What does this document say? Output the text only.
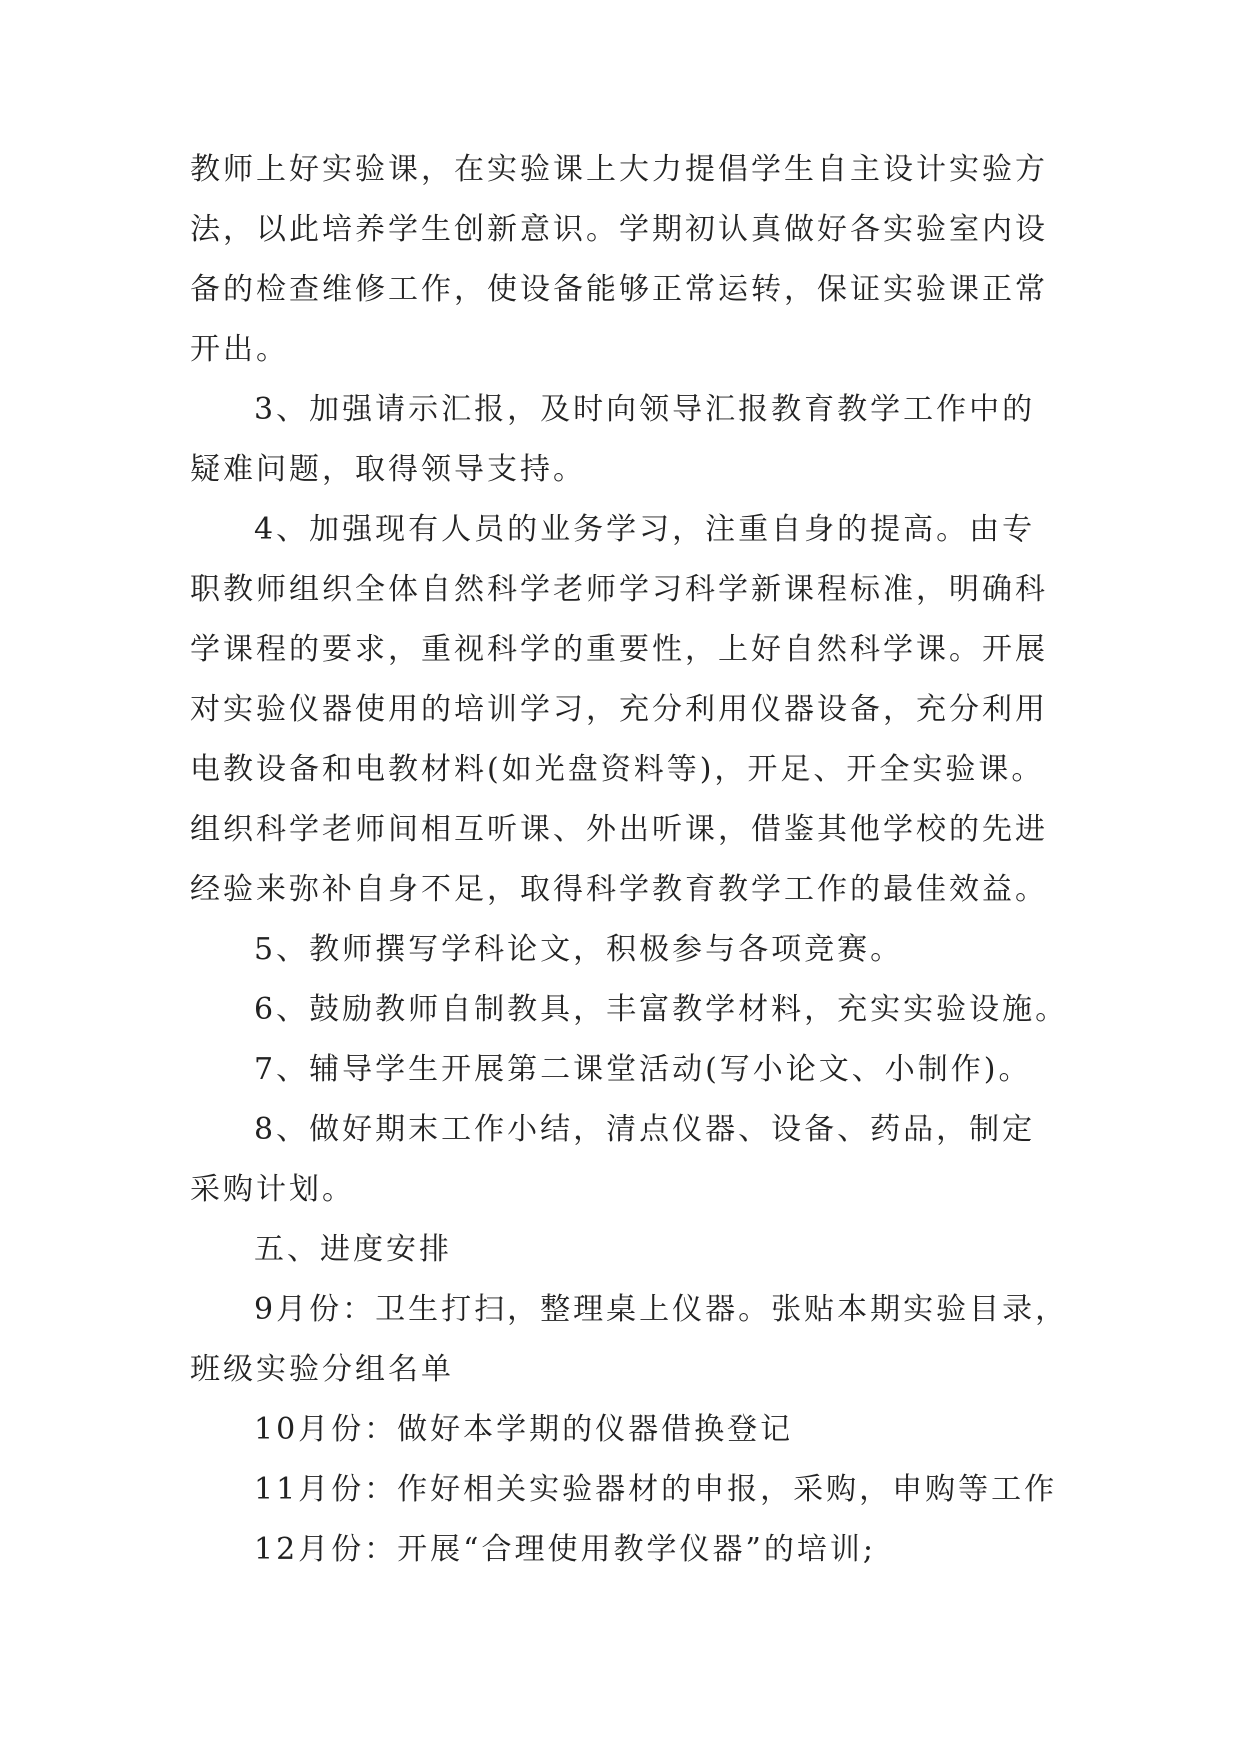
教师上好实验课，在实验课上大力提倡学生自主设计实验方
法，以此培养学生创新意识。学期初认真做好各实验室内设
备的检查维修工作，使设备能够正常运转，保证实验课正常
开出。
3、加强请示汇报，及时向领导汇报教育教学工作中的
疑难问题，取得领导支持。
4、加强现有人员的业务学习，注重自身的提高。由专
职教师组织全体自然科学老师学习科学新课程标准，明确科
学课程的要求，重视科学的重要性，上好自然科学课。开展
对实验仪器使用的培训学习，充分利用仪器设备，充分利用
电教设备和电教材料(如光盘资料等)，开足、开全实验课。
组织科学老师间相互听课、外出听课，借鉴其他学校的先进
经验来弥补自身不足，取得科学教育教学工作的最佳效益。
5、教师撰写学科论文，积极参与各项竞赛。
6、鼓励教师自制教具，丰富教学材料，充实实验设施。
7、辅导学生开展第二课堂活动(写小论文、小制作)。
8、做好期末工作小结，清点仪器、设备、药品，制定
采购计划。
五、进度安排
9月份：卫生打扫，整理桌上仪器。张贴本期实验目录，
班级实验分组名单
10月份：做好本学期的仪器借换登记
11月份：作好相关实验器材的申报，采购，申购等工作
12月份：开展“合理使用教学仪器”的培训;
